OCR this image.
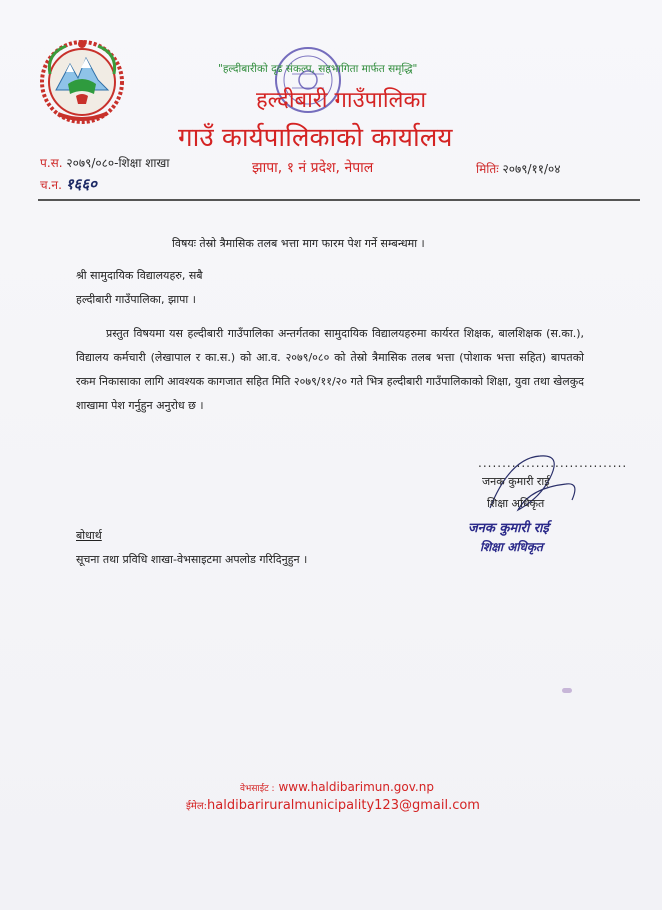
"हल्दीबारीको दृढ संकल्प, सहभागिता मार्फत समृद्धि"
हल्दीबारी गाउँपालिका
गाउँ कार्यपालिकाको कार्यालय
झापा, १ नं प्रदेश, नेपाल
प.स. २०७९/०८०-शिक्षा शाखा
च.न. १६६०
मितिः २०७९/११/०४
विषयः तेस्रो त्रैमासिक तलब भत्ता माग फारम पेश गर्ने सम्बन्धमा ।
श्री सामुदायिक विद्यालयहरु, सबै
हल्दीबारी गाउँपालिका, झापा ।
प्रस्तुत विषयमा यस हल्दीबारी गाउँपालिका अन्तर्गतका सामुदायिक विद्यालयहरुमा कार्यरत शिक्षक, बालशिक्षक (स.का.), विद्यालय कर्मचारी (लेखापाल र का.स.) को आ.व. २०७९/०८० को तेस्रो त्रैमासिक तलब भत्ता (पोशाक भत्ता सहित) बापतको रकम निकासाका लागि आवश्यक कागजात सहित मिति २०७९/११/२० गते भित्र हल्दीबारी गाउँपालिकाको शिक्षा, युवा तथा खेलकुद शाखामा पेश गर्नुहुन अनुरोध छ ।
...............................
जनक कुमारी राई
शिक्षा अधिकृत
जनक कुमारी राई
शिक्षा अधिकृत
बोधार्थ
सूचना तथा प्रविधि शाखा-वेभसाइटमा अपलोड गरिदिनुहुन ।
वेभसाईट : www.haldibarimun.gov.np
ईमेल:haldibariruralmunicipality123@gmail.com
